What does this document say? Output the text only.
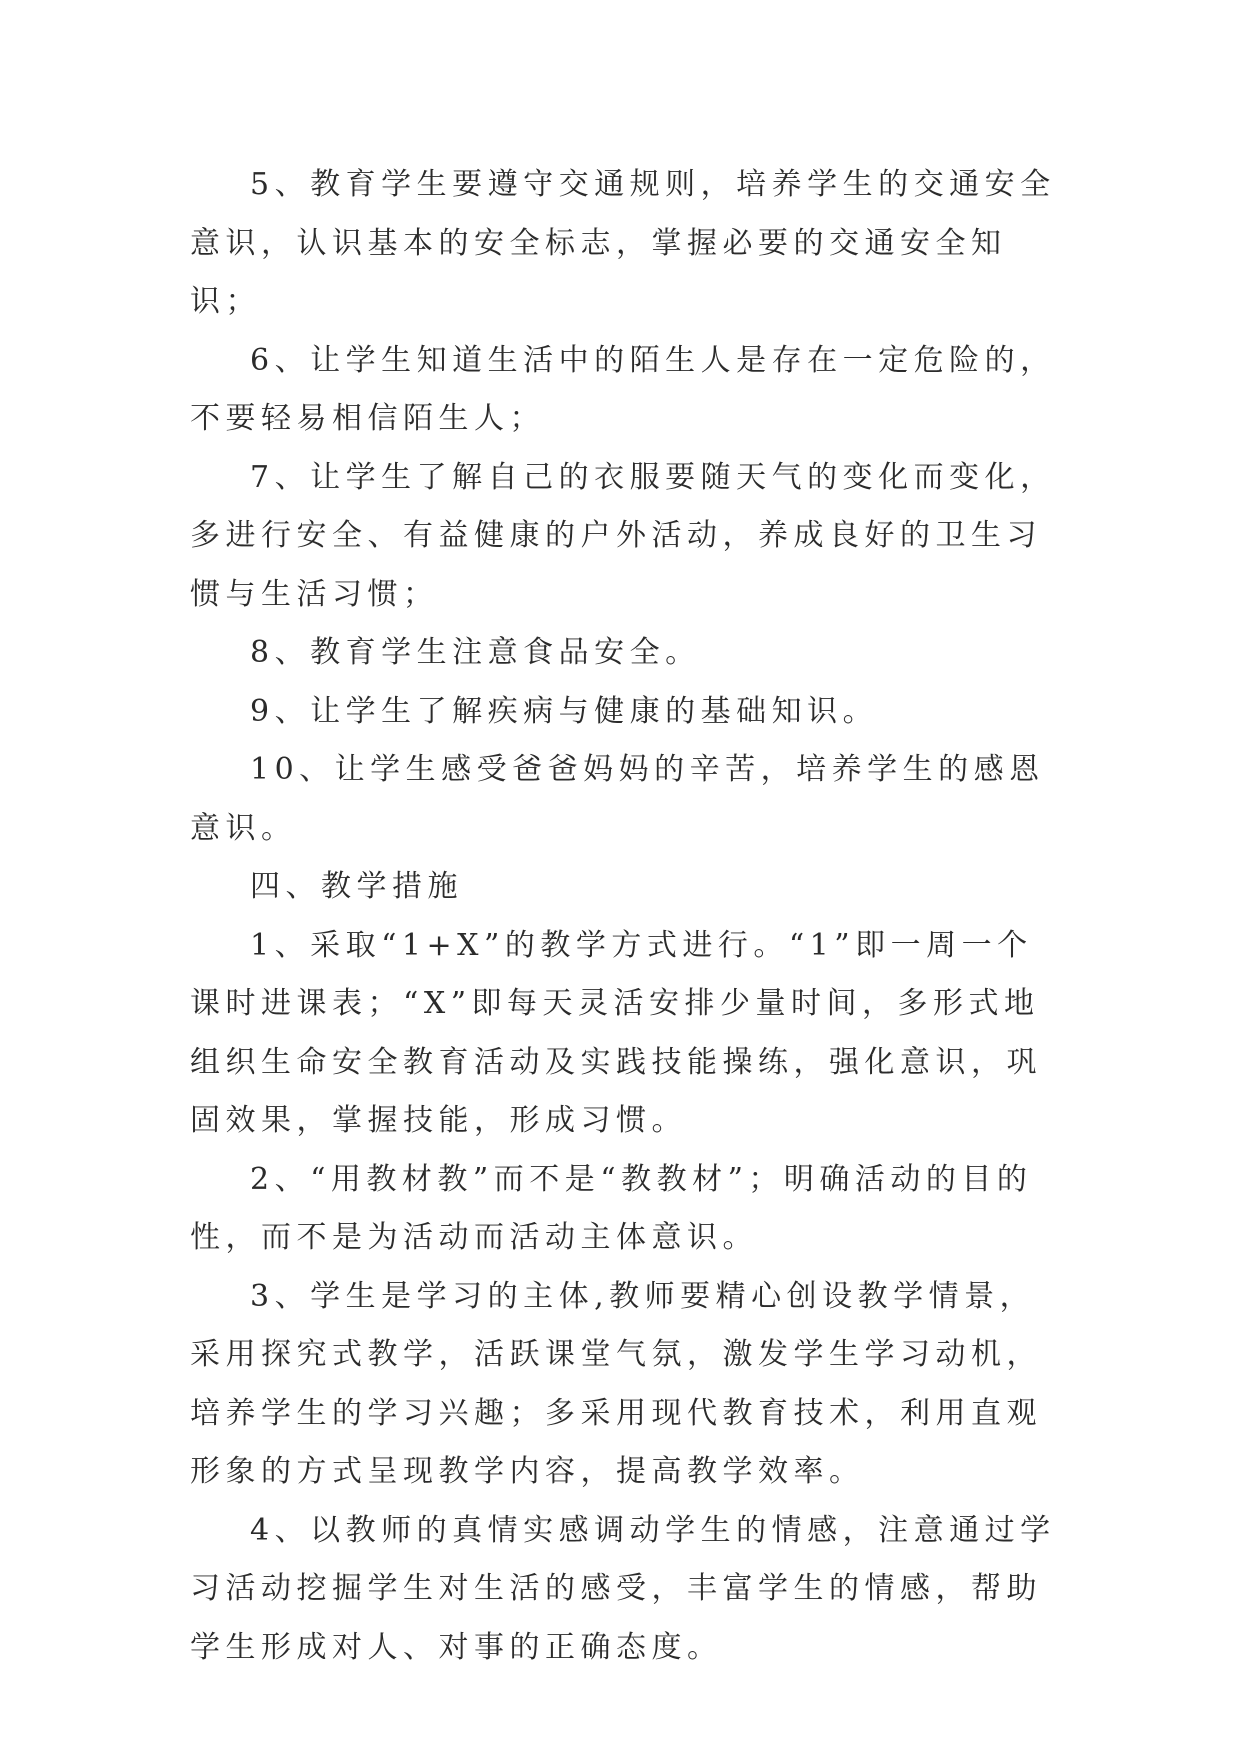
5、教育学生要遵守交通规则，培养学生的交通安全意识，认识基本的安全标志，掌握必要的交通安全知识；

6、让学生知道生活中的陌生人是存在一定危险的，不要轻易相信陌生人；

7、让学生了解自己的衣服要随天气的变化而变化，多进行安全、有益健康的户外活动，养成良好的卫生习惯与生活习惯；

8、教育学生注意食品安全。

9、让学生了解疾病与健康的基础知识。

10、让学生感受爸爸妈妈的辛苦，培养学生的感恩意识。

四、教学措施

1、采取“1+X”的教学方式进行。“1”即一周一个课时进课表；“X”即每天灵活安排少量时间，多形式地组织生命安全教育活动及实践技能操练，强化意识，巩固效果，掌握技能，形成习惯。

2、“用教材教”而不是“教教材”；明确活动的目的性，而不是为活动而活动主体意识。

3、学生是学习的主体,教师要精心创设教学情景，采用探究式教学，活跃课堂气氛，激发学生学习动机，培养学生的学习兴趣；多采用现代教育技术，利用直观形象的方式呈现教学内容，提高教学效率。

4、以教师的真情实感调动学生的情感，注意通过学习活动挖掘学生对生活的感受，丰富学生的情感，帮助学生形成对人、对事的正确态度。
